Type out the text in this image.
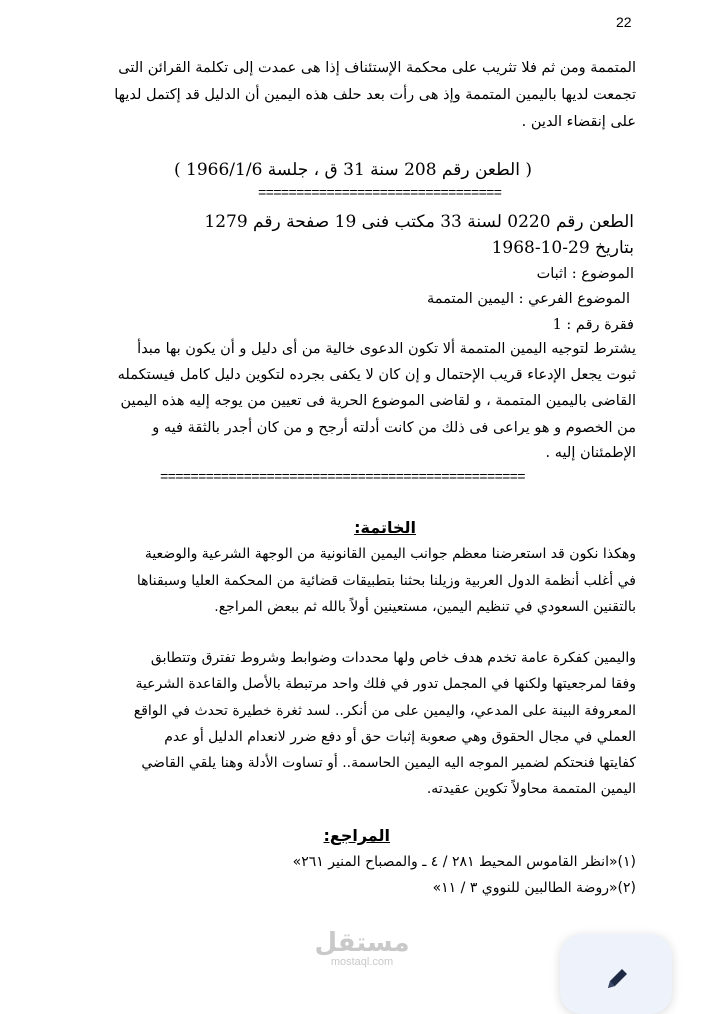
22
المتممة ومن ثم فلا تثريب على محكمة الإستئناف إذا هى عمدت إلى تكلمة القرائن التى
تجمعت لديها باليمين المتممة وإذ هى رأت بعد حلف هذه اليمين أن الدليل قد إكتمل لديها
على إنقضاء الدين .
( الطعن رقم 208 سنة 31 ق ، جلسة 1966/1/6 )
================================
الطعن رقم 0220 لسنة 33 مكتب فنى 19 صفحة رقم 1279
بتاريخ 29-10-1968
الموضوع : اثبات
الموضوع الفرعي : اليمين المتممة
فقرة رقم : 1
يشترط لتوجيه اليمين المتممة ألا تكون الدعوى خالية من أى دليل و أن يكون بها مبدأ
ثبوت يجعل الإدعاء قريب الإحتمال و إن كان لا يكفى بجرده لتكوين دليل كامل فيستكمله
القاضى باليمين المتممة ، و لقاضى الموضوع الحرية فى تعيين من يوجه إليه هذه اليمين
من الخصوم و هو يراعى فى ذلك من كانت أدلته أرجح و من كان أجدر بالثقة فيه و
الإطمئنان إليه .
================================================
الخاتمة:
وهكذا نكون قد استعرضنا معظم جوانب اليمين القانونية من الوجهة الشرعية والوضعية
في أغلب أنظمة الدول العربية وزيلنا بحثنا بتطبيقات قضائية من المحكمة العليا وسبقناها
بالتقنين السعودي في تنظيم اليمين، مستعينين أولاً بالله ثم ببعض المراجع.
واليمين كفكرة عامة تخدم هدف خاص ولها محددات وضوابط وشروط تفترق وتتطابق
وفقا لمرجعيتها ولكنها في المجمل تدور في فلك واحد مرتبطة بالأصل والقاعدة الشرعية
المعروفة البينة على المدعي، واليمين على من أنكر.. لسد ثغرة خطيرة تحدث في الواقع
العملي في مجال الحقوق وهي صعوبة إثبات حق أو دفع ضرر لانعدام الدليل أو عدم
كفايتها فنحتكم لضمير الموجه اليه اليمين الحاسمة.. أو تساوت الأدلة وهنا يلقي القاضي
اليمين المتممة محاولاً تكوين عقيدته.
المراجع:
(١)«انظر القاموس المحيط ٢٨١ / ٤ ـ والمصباح المنير ٢٦١»
(٢)«روضة الطالبين للنووي ٣ / ١١»
مستقل
mostaql.com
